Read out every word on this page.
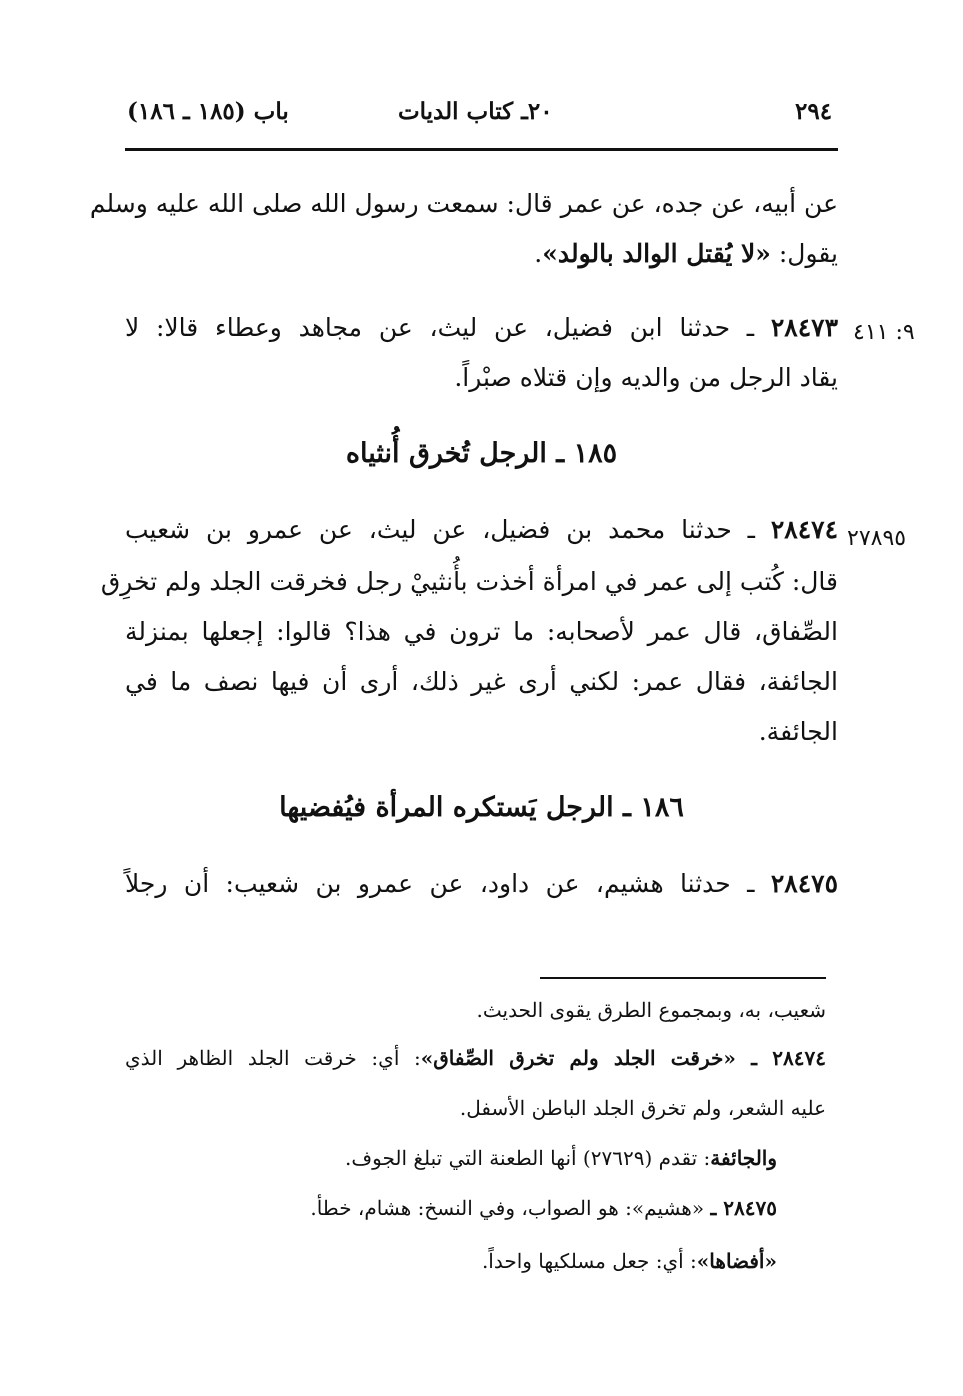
٢٩٤
٢٠ـ كتاب الديات
باب (١٨٥ ـ ١٨٦)
عن أبيه، عن جده، عن عمر قال: سمعت رسول الله صلى الله عليه وسلم
يقول: «لا يُقتل الوالد بالولد».
٩: ٤١١
٢٨٤٧٣ ـ حدثنا ابن فضيل، عن ليث، عن مجاهد وعطاء قالا: لا
يقاد الرجل من والديه وإن قتلاه صبْراً.
١٨٥ ـ الرجل تُخرق أُنثياه
٢٧٨٩٥
٢٨٤٧٤ ـ حدثنا محمد بن فضيل، عن ليث، عن عمرو بن شعيب
قال: كُتب إلى عمر في امرأة أخذت بأُنثييْ رجل فخرقت الجلد ولم تخرِق
الصِّفاق، قال عمر لأصحابه: ما ترون في هذا؟ قالوا: إجعلها بمنزلة
الجائفة، فقال عمر: لكني أرى غير ذلك، أرى أن فيها نصف ما في
الجائفة.
١٨٦ ـ الرجل يَستكره المرأة فيُفضيها
٢٨٤٧٥ ـ حدثنا هشيم، عن داود، عن عمرو بن شعيب: أن رجلاً
شعيب، به، وبمجموع الطرق يقوى الحديث.
٢٨٤٧٤ ـ «خرقت الجلد ولم تخرق الصِّفاق»: أي: خرقت الجلد الظاهر الذي
عليه الشعر، ولم تخرق الجلد الباطن الأسفل.
والجائفة: تقدم (٢٧٦٢٩) أنها الطعنة التي تبلغ الجوف.
٢٨٤٧٥ ـ «هشيم»: هو الصواب، وفي النسخ: هشام، خطأ.
«أفضاها»: أي: جعل مسلكيها واحداً.
